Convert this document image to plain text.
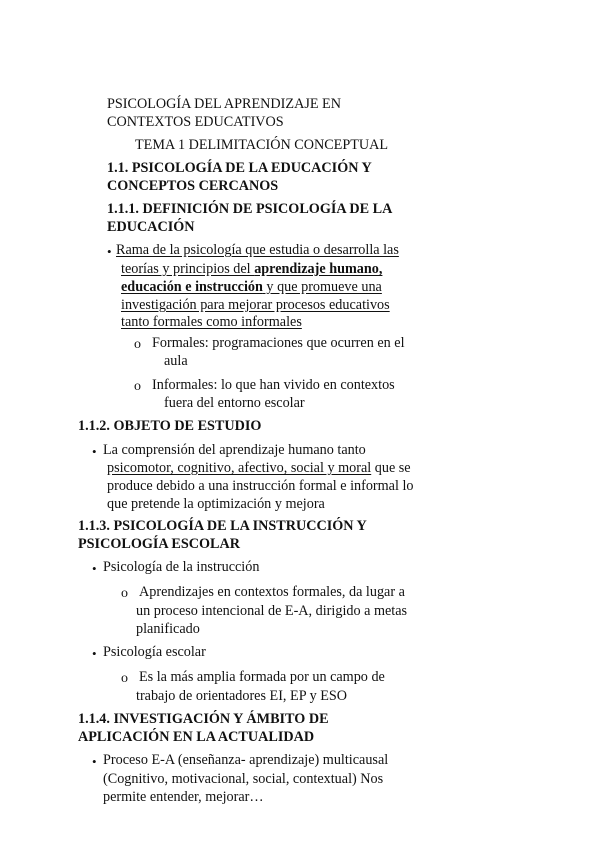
PSICOLOGÍA DEL APRENDIZAJE EN
CONTEXTOS EDUCATIVOS
TEMA 1 DELIMITACIÓN CONCEPTUAL
1.1. PSICOLOGÍA DE LA EDUCACIÓN Y
CONCEPTOS CERCANOS
1.1.1. DEFINICIÓN DE PSICOLOGÍA DE LA
EDUCACIÓN
• Rama de la psicología que estudia o desarrolla las
teorías y principios del aprendizaje humano,
educación e instrucción y que promueve una
investigación para mejorar procesos educativos
tanto formales como informales
o Formales: programaciones que ocurren en el
aula
o Informales: lo que han vivido en contextos
fuera del entorno escolar
1.1.2. OBJETO DE ESTUDIO
• La comprensión del aprendizaje humano tanto
psicomotor, cognitivo, afectivo, social y moral que se
produce debido a una instrucción formal e informal lo
que pretende la optimización y mejora
1.1.3. PSICOLOGÍA DE LA INSTRUCCIÓN Y
PSICOLOGÍA ESCOLAR
• Psicología de la instrucción
o Aprendizajes en contextos formales, da lugar a
un proceso intencional de E-A, dirigido a metas
planificado
• Psicología escolar
o Es la más amplia formada por un campo de
trabajo de orientadores EI, EP y ESO
1.1.4. INVESTIGACIÓN Y ÁMBITO DE
APLICACIÓN EN LA ACTUALIDAD
• Proceso E-A (enseñanza- aprendizaje) multicausal
(Cognitivo, motivacional, social, contextual) Nos
permite entender, mejorar…
